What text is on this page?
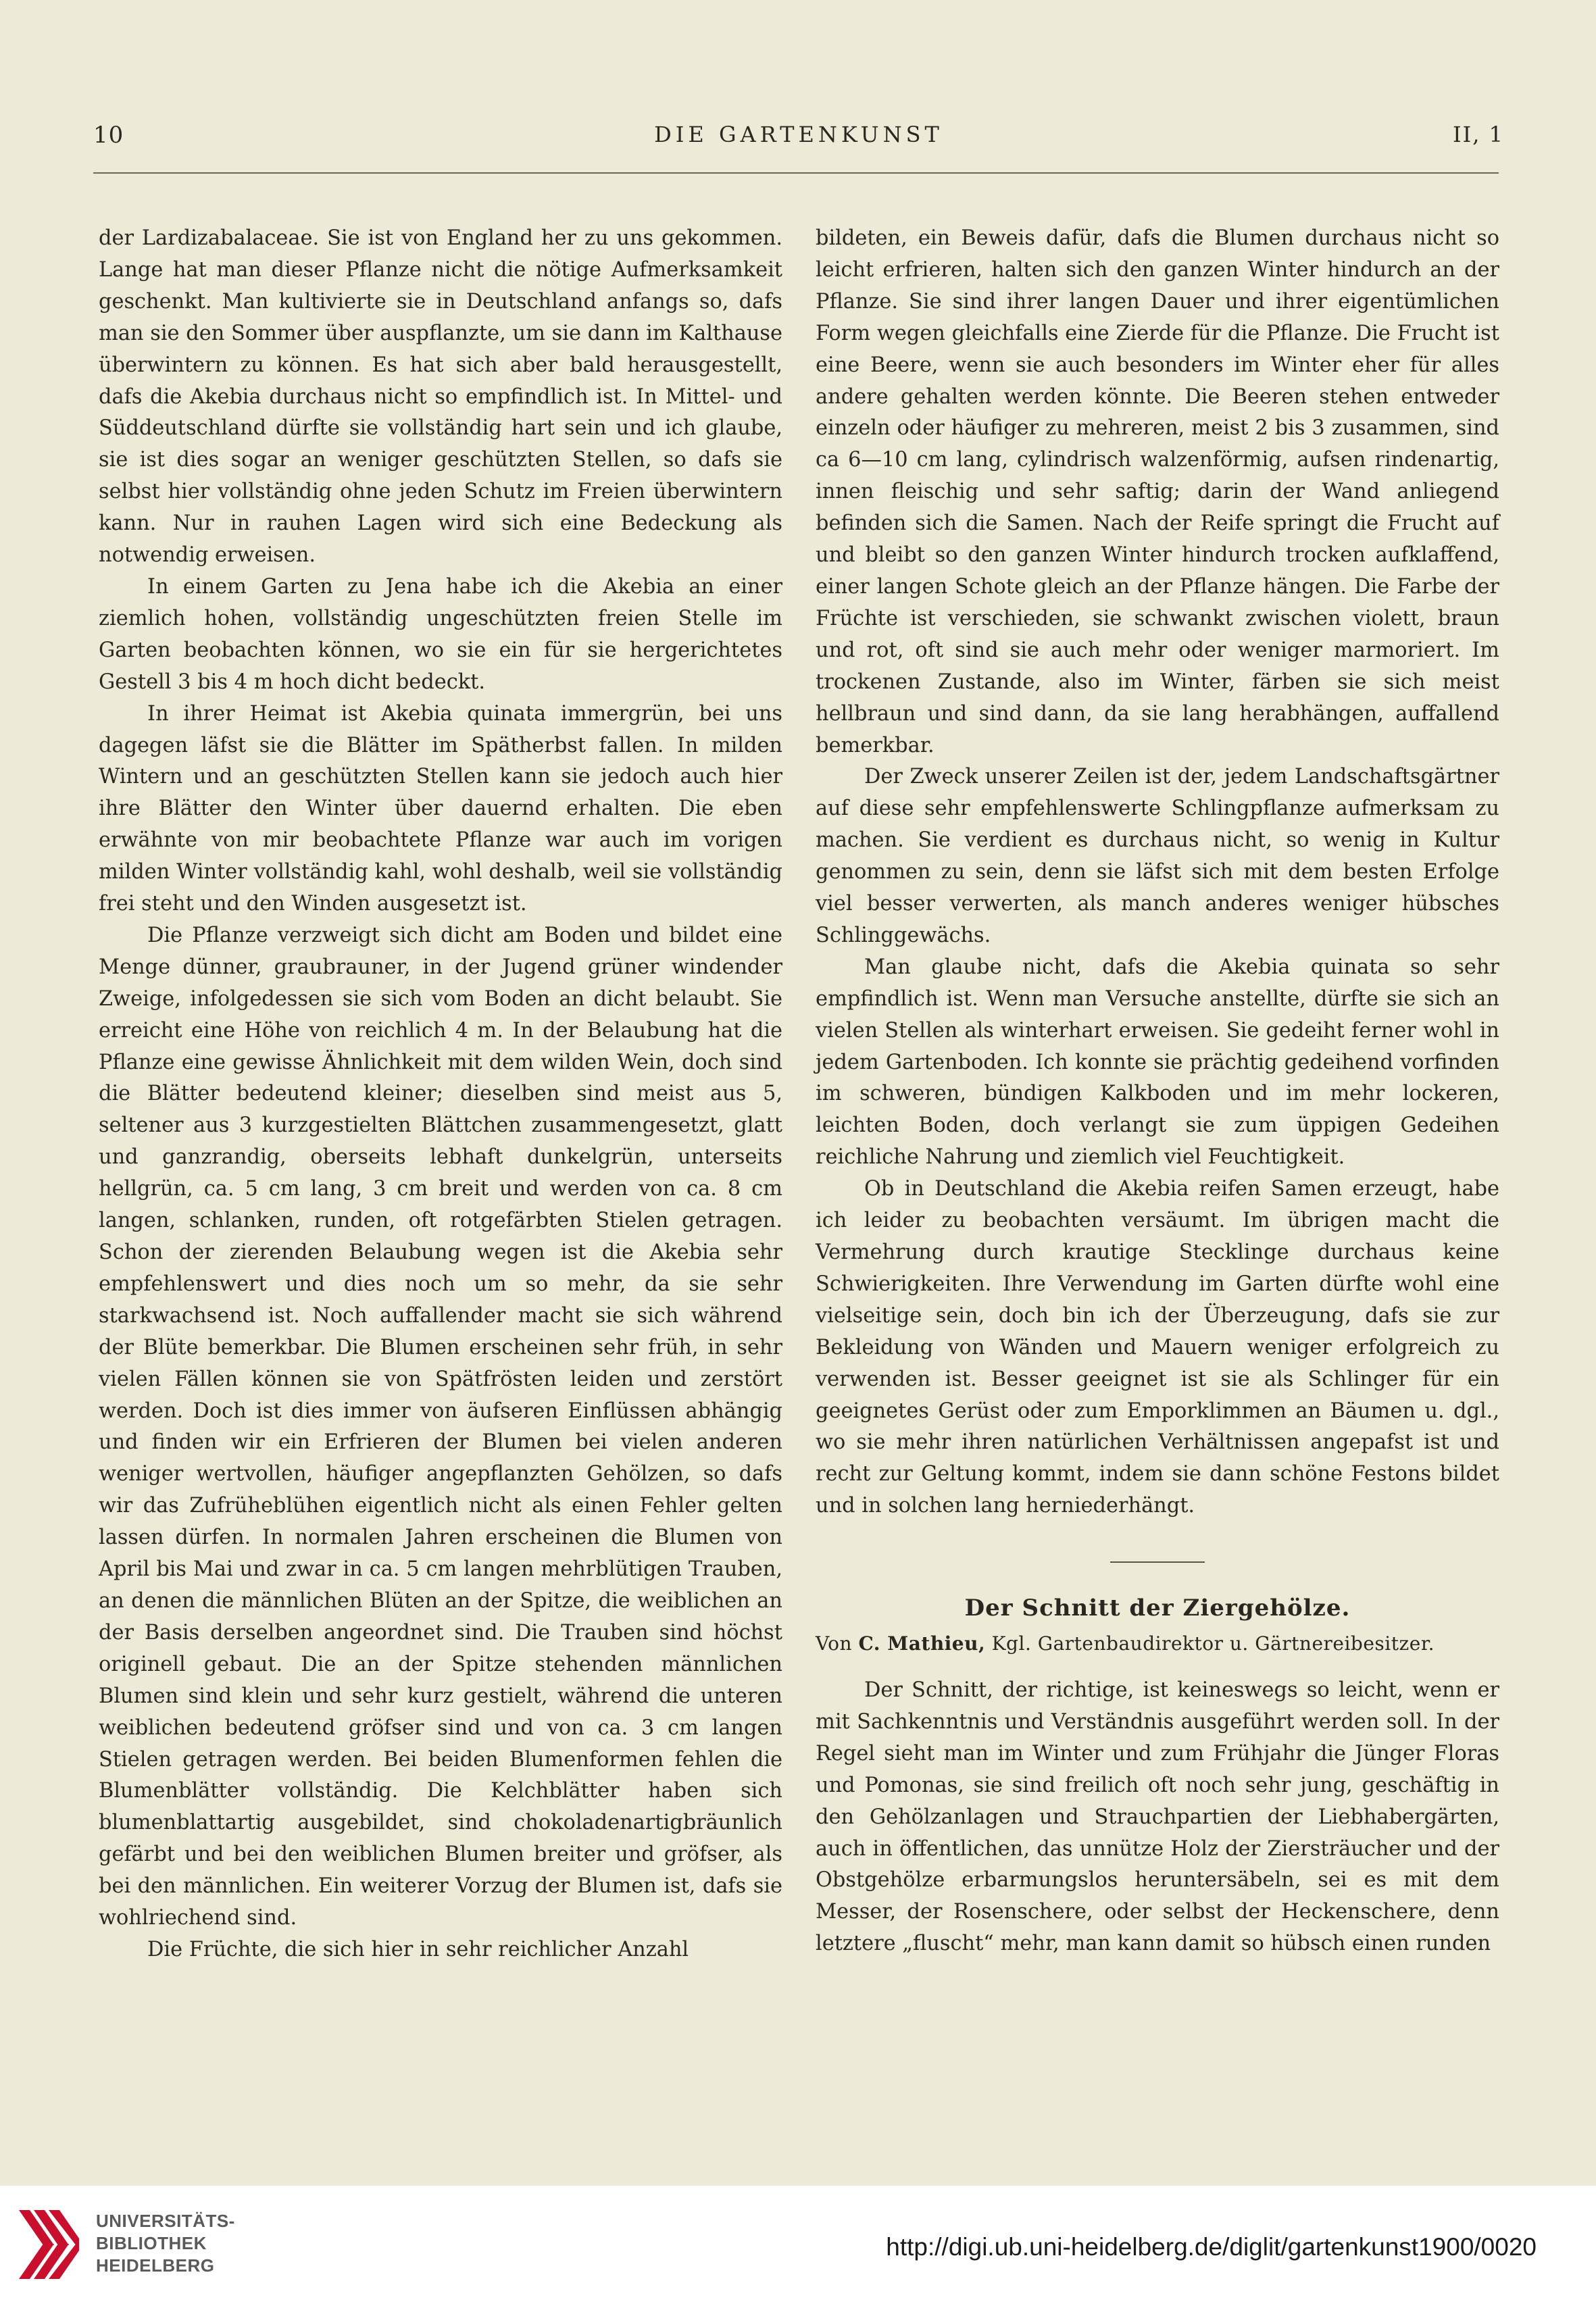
10	DIE GARTENKUNST	II, 1

der Lardizabalaceae. Sie ist von England her zu uns gekommen. Lange hat man dieser Pflanze nicht die nötige Aufmerksamkeit geschenkt. Man kultivierte sie in Deutschland anfangs so, dafs man sie den Sommer über auspflanzte, um sie dann im Kalthause überwintern zu können. Es hat sich aber bald herausgestellt, dafs die Akebia durchaus nicht so empfindlich ist. In Mittel- und Süddeutschland dürfte sie vollständig hart sein und ich glaube, sie ist dies sogar an weniger geschützten Stellen, so dafs sie selbst hier vollständig ohne jeden Schutz im Freien überwintern kann. Nur in rauhen Lagen wird sich eine Bedeckung als notwendig erweisen.

In einem Garten zu Jena habe ich die Akebia an einer ziemlich hohen, vollständig ungeschützten freien Stelle im Garten beobachten können, wo sie ein für sie hergerichtetes Gestell 3 bis 4 m hoch dicht bedeckt.

In ihrer Heimat ist Akebia quinata immergrün, bei uns dagegen läfst sie die Blätter im Spätherbst fallen. In milden Wintern und an geschützten Stellen kann sie jedoch auch hier ihre Blätter den Winter über dauernd erhalten. Die eben erwähnte von mir beobachtete Pflanze war auch im vorigen milden Winter vollständig kahl, wohl deshalb, weil sie vollständig frei steht und den Winden ausgesetzt ist.

Die Pflanze verzweigt sich dicht am Boden und bildet eine Menge dünner, graubrauner, in der Jugend grüner windender Zweige, infolgedessen sie sich vom Boden an dicht belaubt. Sie erreicht eine Höhe von reichlich 4 m. In der Belaubung hat die Pflanze eine gewisse Ähnlichkeit mit dem wilden Wein, doch sind die Blätter bedeutend kleiner; dieselben sind meist aus 5, seltener aus 3 kurzgestielten Blättchen zusammengesetzt, glatt und ganzrandig, oberseits lebhaft dunkelgrün, unterseits hellgrün, ca. 5 cm lang, 3 cm breit und werden von ca. 8 cm langen, schlanken, runden, oft rotgefärbten Stielen getragen. Schon der zierenden Belaubung wegen ist die Akebia sehr empfehlenswert und dies noch um so mehr, da sie sehr starkwachsend ist. Noch auffallender macht sie sich während der Blüte bemerkbar. Die Blumen erscheinen sehr früh, in sehr vielen Fällen können sie von Spätfrösten leiden und zerstört werden. Doch ist dies immer von äufseren Einflüssen abhängig und finden wir ein Erfrieren der Blumen bei vielen anderen weniger wertvollen, häufiger angepflanzten Gehölzen, so dafs wir das Zufrüheblühen eigentlich nicht als einen Fehler gelten lassen dürfen. In normalen Jahren erscheinen die Blumen von April bis Mai und zwar in ca. 5 cm langen mehrblütigen Trauben, an denen die männlichen Blüten an der Spitze, die weiblichen an der Basis derselben angeordnet sind. Die Trauben sind höchst originell gebaut. Die an der Spitze stehenden männlichen Blumen sind klein und sehr kurz gestielt, während die unteren weiblichen bedeutend gröfser sind und von ca. 3 cm langen Stielen getragen werden. Bei beiden Blumenformen fehlen die Blumenblätter vollständig. Die Kelchblätter haben sich blumenblattartig ausgebildet, sind chokoladenartigbräunlich gefärbt und bei den weiblichen Blumen breiter und gröfser, als bei den männlichen. Ein weiterer Vorzug der Blumen ist, dafs sie wohlriechend sind.

Die Früchte, die sich hier in sehr reichlicher Anzahl

bildeten, ein Beweis dafür, dafs die Blumen durchaus nicht so leicht erfrieren, halten sich den ganzen Winter hindurch an der Pflanze. Sie sind ihrer langen Dauer und ihrer eigentümlichen Form wegen gleichfalls eine Zierde für die Pflanze. Die Frucht ist eine Beere, wenn sie auch besonders im Winter eher für alles andere gehalten werden könnte. Die Beeren stehen entweder einzeln oder häufiger zu mehreren, meist 2 bis 3 zusammen, sind ca 6—10 cm lang, cylindrisch walzenförmig, aufsen rindenartig, innen fleischig und sehr saftig; darin der Wand anliegend befinden sich die Samen. Nach der Reife springt die Frucht auf und bleibt so den ganzen Winter hindurch trocken aufklaffend, einer langen Schote gleich an der Pflanze hängen. Die Farbe der Früchte ist verschieden, sie schwankt zwischen violett, braun und rot, oft sind sie auch mehr oder weniger marmoriert. Im trockenen Zustande, also im Winter, färben sie sich meist hellbraun und sind dann, da sie lang herabhängen, auffallend bemerkbar.

Der Zweck unserer Zeilen ist der, jedem Landschaftsgärtner auf diese sehr empfehlenswerte Schlingpflanze aufmerksam zu machen. Sie verdient es durchaus nicht, so wenig in Kultur genommen zu sein, denn sie läfst sich mit dem besten Erfolge viel besser verwerten, als manch anderes weniger hübsches Schlinggewächs.

Man glaube nicht, dafs die Akebia quinata so sehr empfindlich ist. Wenn man Versuche anstellte, dürfte sie sich an vielen Stellen als winterhart erweisen. Sie gedeiht ferner wohl in jedem Gartenboden. Ich konnte sie prächtig gedeihend vorfinden im schweren, bündigen Kalkboden und im mehr lockeren, leichten Boden, doch verlangt sie zum üppigen Gedeihen reichliche Nahrung und ziemlich viel Feuchtigkeit.

Ob in Deutschland die Akebia reifen Samen erzeugt, habe ich leider zu beobachten versäumt. Im übrigen macht die Vermehrung durch krautige Stecklinge durchaus keine Schwierigkeiten. Ihre Verwendung im Garten dürfte wohl eine vielseitige sein, doch bin ich der Überzeugung, dafs sie zur Bekleidung von Wänden und Mauern weniger erfolgreich zu verwenden ist. Besser geeignet ist sie als Schlinger für ein geeignetes Gerüst oder zum Emporklimmen an Bäumen u. dgl., wo sie mehr ihren natürlichen Verhältnissen angepafst ist und recht zur Geltung kommt, indem sie dann schöne Festons bildet und in solchen lang herniederhängt.

Der Schnitt der Ziergehölze.
Von C. Mathieu, Kgl. Gartenbaudirektor u. Gärtnereibesitzer.

Der Schnitt, der richtige, ist keineswegs so leicht, wenn er mit Sachkenntnis und Verständnis ausgeführt werden soll. In der Regel sieht man im Winter und zum Frühjahr die Jünger Floras und Pomonas, sie sind freilich oft noch sehr jung, geschäftig in den Gehölzanlagen und Strauchpartien der Liebhabergärten, auch in öffentlichen, das unnütze Holz der Ziersträucher und der Obstgehölze erbarmungslos heruntersäbeln, sei es mit dem Messer, der Rosenschere, oder selbst der Heckenschere, denn letztere „fluscht“ mehr, man kann damit so hübsch einen runden

UNIVERSITÄTS-
BIBLIOTHEK
HEIDELBERG
http://digi.ub.uni-heidelberg.de/diglit/gartenkunst1900/0020
